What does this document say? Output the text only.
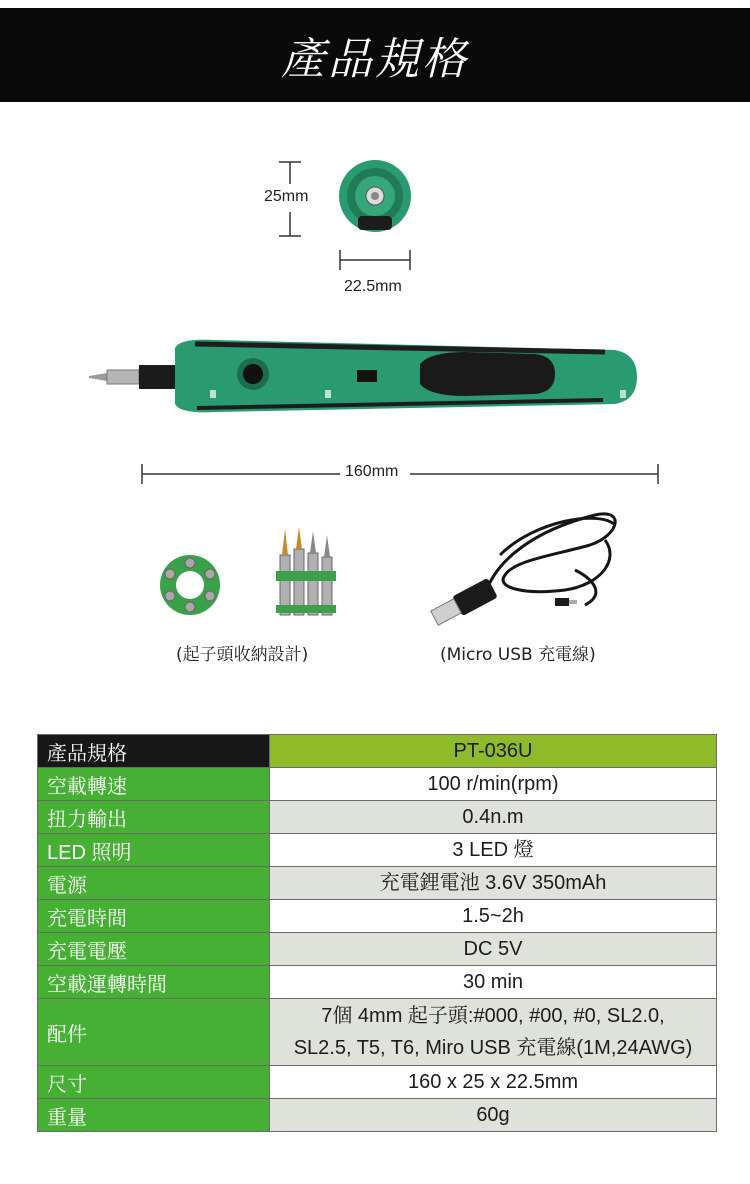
產品規格
25mm
22.5mm
160mm
(起子頭收納設計)	(Micro USB 充電線)
產品規格	PT-036U
空載轉速	100 r/min(rpm)
扭力輸出	0.4n.m
LED 照明	3 LED 燈
電源	充電鋰電池 3.6V 350mAh
充電時間	1.5~2h
充電電壓	DC 5V
空載運轉時間	30 min
配件	7個 4mm 起子頭:#000, #00, #0, SL2.0,
SL2.5, T5, T6, Miro USB 充電線(1M,24AWG)

尺寸	160 x 25 x 22.5mm
重量	60g
